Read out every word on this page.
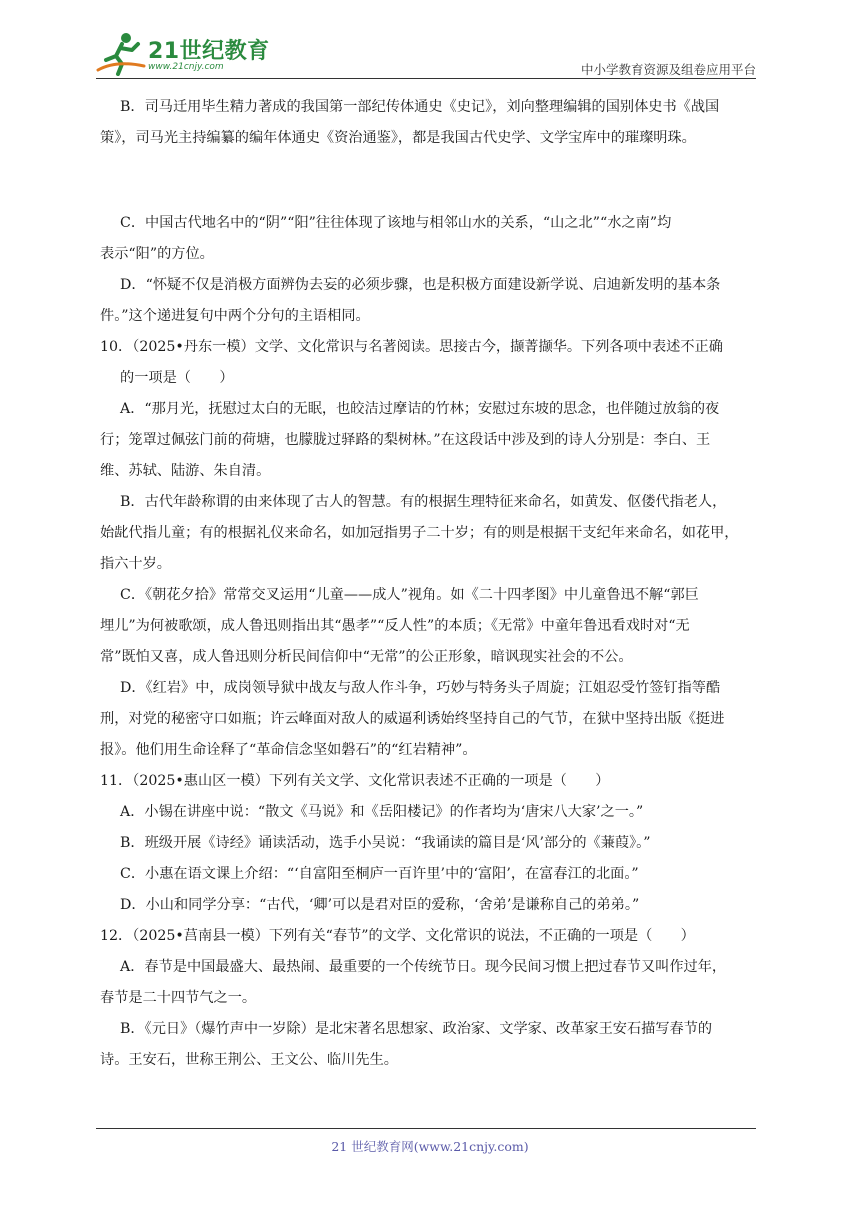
21世纪教育
www.21cnjy.com	中小学教育资源及组卷应用平台

B．司马迁用毕生精力著成的我国第一部纪传体通史《史记》，刘向整理编辑的国别体史书《战国

策》，司马光主持编纂的编年体通史《资治通鉴》，都是我国古代史学、文学宝库中的璀璨明珠。

C．中国古代地名中的“阴”“阳”往往体现了该地与相邻山水的关系，“山之北”“水之南”均

表示“阳”的方位。

D．“怀疑不仅是消极方面辨伪去妄的必须步骤，也是积极方面建设新学说、启迪新发明的基本条

件。”这个递进复句中两个分句的主语相同。

10．（2025•丹东一模）文学、文化常识与名著阅读。思接古今，撷菁撷华。下列各项中表述不正确

的一项是（　　）

A．“那月光，抚慰过太白的无眠，也皎洁过摩诘的竹林；安慰过东坡的思念，也伴随过放翁的夜

行；笼罩过佩弦门前的荷塘，也朦胧过驿路的梨树林。”在这段话中涉及到的诗人分别是：李白、王

维、苏轼、陆游、朱自清。

B．古代年龄称谓的由来体现了古人的智慧。有的根据生理特征来命名，如黄发、伛偻代指老人，

始龀代指儿童；有的根据礼仪来命名，如加冠指男子二十岁；有的则是根据干支纪年来命名，如花甲，

指六十岁。

C．《朝花夕拾》常常交叉运用“儿童——成人”视角。如《二十四孝图》中儿童鲁迅不解“郭巨

埋儿”为何被歌颂，成人鲁迅则指出其“愚孝”“反人性”的本质；《无常》中童年鲁迅看戏时对“无

常”既怕又喜，成人鲁迅则分析民间信仰中“无常”的公正形象，暗讽现实社会的不公。

D．《红岩》中，成岗领导狱中战友与敌人作斗争，巧妙与特务头子周旋；江姐忍受竹签钉指等酷

刑，对党的秘密守口如瓶；许云峰面对敌人的威逼利诱始终坚持自己的气节，在狱中坚持出版《挺进

报》。他们用生命诠释了“革命信念坚如磐石”的“红岩精神”。

11．（2025•惠山区一模）下列有关文学、文化常识表述不正确的一项是（　　）

A．小锡在讲座中说：“散文《马说》和《岳阳楼记》的作者均为‘唐宋八大家’之一。”

B．班级开展《诗经》诵读活动，选手小吴说：“我诵读的篇目是‘风’部分的《蒹葭》。”

C．小惠在语文课上介绍：“‘自富阳至桐庐一百许里’中的‘富阳’，在富春江的北面。”

D．小山和同学分享：“古代，‘卿’可以是君对臣的爱称，‘舍弟’是谦称自己的弟弟。”

12．（2025•莒南县一模）下列有关“春节”的文学、文化常识的说法，不正确的一项是（　　）

A．春节是中国最盛大、最热闹、最重要的一个传统节日。现今民间习惯上把过春节又叫作过年，

春节是二十四节气之一。

B．《元日》（爆竹声中一岁除）是北宋著名思想家、政治家、文学家、改革家王安石描写春节的

诗。王安石，世称王荆公、王文公、临川先生。

21 世纪教育网(www.21cnjy.com)
